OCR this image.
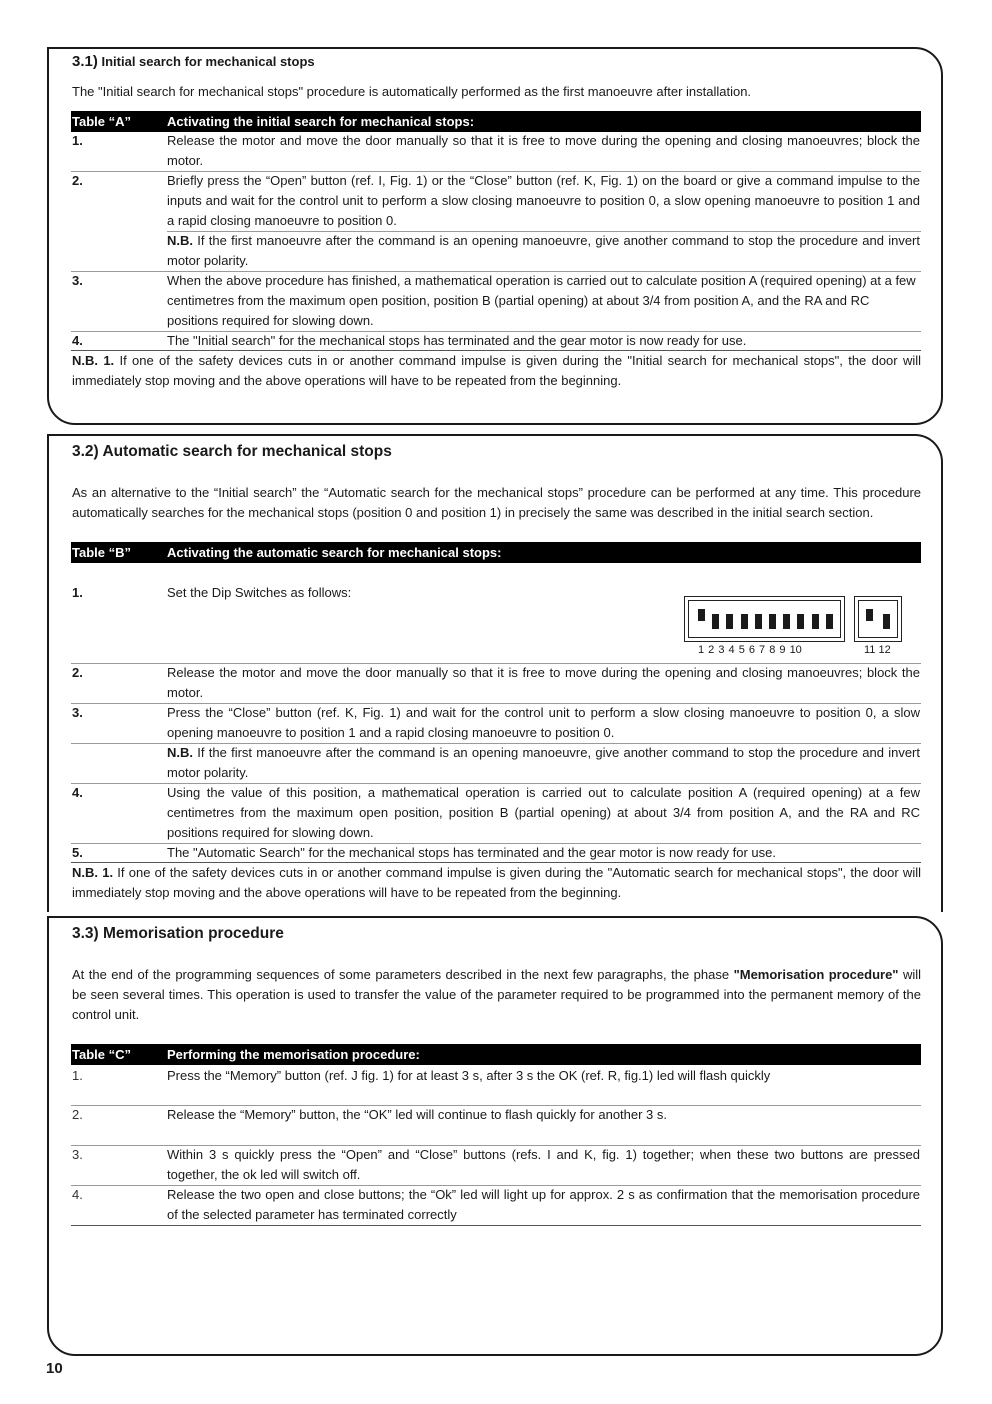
3.1) Initial search for mechanical stops
The "Initial search for mechanical stops" procedure is automatically performed as the first manoeuvre after installation.
Table “A”	Activating the initial search for mechanical stops:
1.	Release the motor and move the door manually so that it is free to move during the opening and closing manoeuvres; block the motor.
2.	Briefly press the “Open” button (ref. I, Fig. 1) or the “Close” button (ref. K, Fig. 1) on the board or give a command impulse to the inputs and wait for the control unit to perform a slow closing manoeuvre to position 0, a slow opening manoeuvre to position 1 and a rapid closing manoeuvre to position 0.
N.B. If the first manoeuvre after the command is an opening manoeuvre, give another command to stop the procedure and invert motor polarity.
3.	When the above procedure has finished, a mathematical operation is carried out to calculate position A (required opening) at a few centimetres from the maximum open position, position B (partial opening) at about 3/4 from position A, and the RA and RC positions required for slowing down.
4.	The "Initial search" for the mechanical stops has terminated and the gear motor is now ready for use.
N.B. 1. If one of the safety devices cuts in or another command impulse is given during the "Initial search for mechanical stops", the door will immediately stop moving and the above operations will have to be repeated from the beginning.
3.2) Automatic search for mechanical stops
As an alternative to the “Initial search” the “Automatic search for the mechanical stops” procedure can be performed at any time. This procedure automatically searches for the mechanical stops (position 0 and position 1) in precisely the same was described in the initial search section.
Table “B”	Activating the automatic search for mechanical stops:
1.	Set the Dip Switches as follows:
1 2 3 4 5 6 7 8 9 10	11 12
2.	Release the motor and move the door manually so that it is free to move during the opening and closing manoeuvres; block the motor.
3.	Press the “Close” button (ref. K, Fig. 1) and wait for the control unit to perform a slow closing manoeuvre to position 0, a slow opening manoeuvre to position 1 and a rapid closing manoeuvre to position 0.
N.B. If the first manoeuvre after the command is an opening manoeuvre, give another command to stop the procedure and invert motor polarity.
4.	Using the value of this position, a mathematical operation is carried out to calculate position A (required opening) at a few centimetres from the maximum open position, position B (partial opening) at about 3/4 from position A, and the RA and RC positions required for slowing down.
5.	The "Automatic Search" for the mechanical stops has terminated and the gear motor is now ready for use.
N.B. 1. If one of the safety devices cuts in or another command impulse is given during the "Automatic search for mechanical stops", the door will immediately stop moving and the above operations will have to be repeated from the beginning.
3.3) Memorisation procedure
At the end of the programming sequences of some parameters described in the next few paragraphs, the phase "Memorisation procedure" will be seen several times. This operation is used to transfer the value of the parameter required to be programmed into the permanent memory of the control unit.
Table “C”	Performing the memorisation procedure:
1.	Press the “Memory” button (ref. J fig. 1) for at least 3 s, after 3 s the OK (ref. R, fig.1) led will flash quickly
2.	Release the “Memory” button, the “OK” led will continue to flash quickly for another 3 s.
3.	Within 3 s quickly press the “Open” and “Close” buttons (refs. I and K, fig. 1) together; when these two buttons are pressed together, the ok led will switch off.
4.	Release the two open and close buttons; the “Ok” led will light up for approx. 2 s as confirmation that the memorisation procedure of the selected parameter has terminated correctly
10
